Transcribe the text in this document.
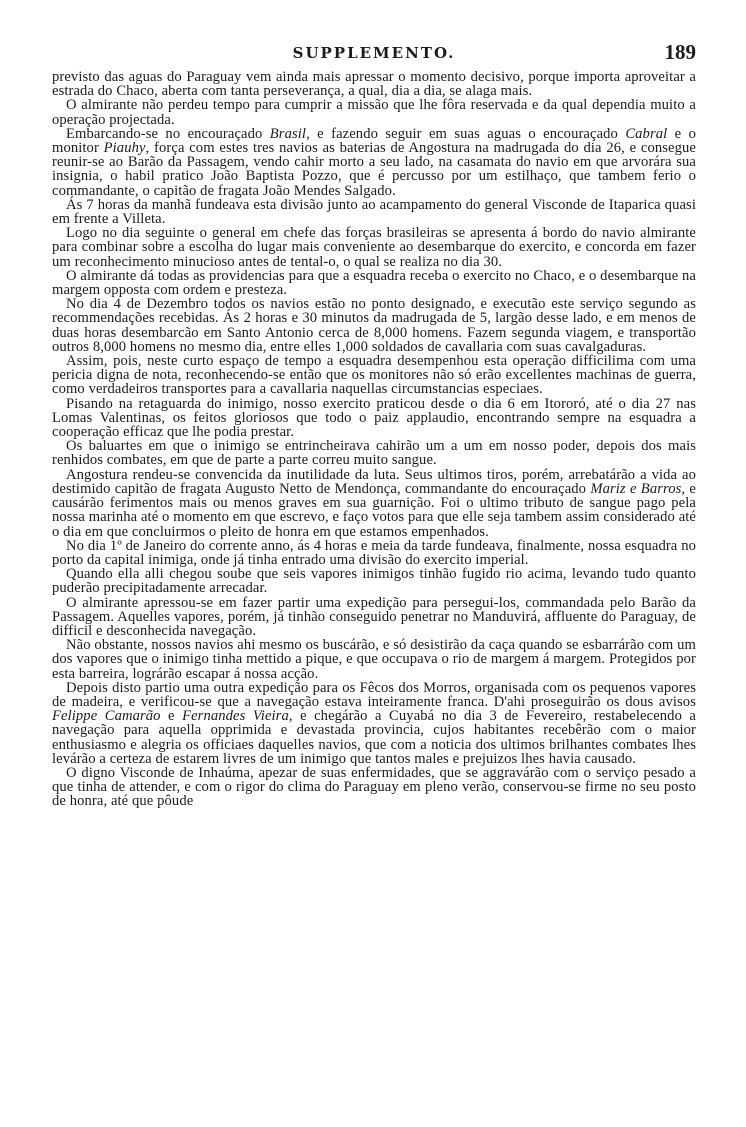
SUPPLEMENTO.	189

previsto das aguas do Paraguay vem ainda mais apressar o momento decisivo, porque importa aproveitar a estrada do Chaco, aberta com tanta perseverança, a qual, dia a dia, se alaga mais.

O almirante não perdeu tempo para cumprir a missão que lhe fôra reservada e da qual dependia muito a operação projectada.

Embarcando-se no encouraçado Brasil, e fazendo seguir em suas aguas o encouraçado Cabral e o monitor Piauhy, força com estes tres navios as baterias de Angostura na madrugada do dia 26, e consegue reunir-se ao Barão da Passagem, vendo cahir morto a seu lado, na casamata do navio em que arvorára sua insignia, o habil pratico João Baptista Pozzo, que é percusso por um estilhaço, que tambem ferio o commandante, o capitão de fragata João Mendes Salgado.

Ás 7 horas da manhã fundeava esta divisão junto ao acampamento do general Visconde de Itaparica quasi em frente a Villeta.

Logo no dia seguinte o general em chefe das forças brasileiras se apresenta á bordo do navio almirante para combinar sobre a escolha do lugar mais conveniente ao desembarque do exercito, e concorda em fazer um reconhecimento minucioso antes de tental-o, o qual se realiza no dia 30.

O almirante dá todas as providencias para que a esquadra receba o exercito no Chaco, e o desembarque na margem opposta com ordem e presteza.

No dia 4 de Dezembro todos os navios estão no ponto designado, e executão este serviço segundo as recommendações recebidas. Ás 2 horas e 30 minutos da madrugada de 5, largão desse lado, e em menos de duas horas desembarcão em Santo Antonio cerca de 8,000 homens. Fazem segunda viagem, e transportão outros 8,000 homens no mesmo dia, entre elles 1,000 soldados de cavallaria com suas cavalgaduras.

Assim, pois, neste curto espaço de tempo a esquadra desempenhou esta operação difficilima com uma pericia digna de nota, reconhecendo-se então que os monitores não só erão excellentes machinas de guerra, como verdadeiros transportes para a cavallaria naquellas circumstancias especiaes.

Pisando na retaguarda do inimigo, nosso exercito praticou desde o dia 6 em Itororó, até o dia 27 nas Lomas Valentinas, os feitos gloriosos que todo o paiz applaudio, encontrando sempre na esquadra a cooperação efficaz que lhe podia prestar.

Os baluartes em que o inimigo se entrincheirava cahirão um a um em nosso poder, depois dos mais renhidos combates, em que de parte a parte correu muito sangue.

Angostura rendeu-se convencida da inutilidade da luta. Seus ultimos tiros, porém, arrebatárão a vida ao destimido capitão de fragata Augusto Netto de Mendonça, commandante do encouraçado Mariz e Barros, e causárão ferimentos mais ou menos graves em sua guarnição. Foi o ultimo tributo de sangue pago pela nossa marinha até o momento em que escrevo, e faço votos para que elle seja tambem assim considerado até o dia em que concluirmos o pleito de honra em que estamos empenhados.

No dia 1º de Janeiro do corrente anno, ás 4 horas e meia da tarde fundeava, finalmente, nossa esquadra no porto da capital inimiga, onde já tinha entrado uma divisão do exercito imperial.

Quando ella alli chegou soube que seis vapores inimigos tinhão fugido rio acima, levando tudo quanto puderão precipitadamente arrecadar.

O almirante apressou-se em fazer partir uma expedição para persegui-los, commandada pelo Barão da Passagem. Aquelles vapores, porém, já tinhão conseguido penetrar no Manduvirá, affluente do Paraguay, de difficil e desconhecida navegação.

Não obstante, nossos navios ahi mesmo os buscárão, e só desistirão da caça quando se esbarrárão com um dos vapores que o inimigo tinha mettido a pique, e que occupava o rio de margem á margem. Protegidos por esta barreira, lográrão escapar á nossa acção.

Depois disto partio uma outra expedição para os Fêcos dos Morros, organisada com os pequenos vapores de madeira, e verificou-se que a navegação estava inteiramente franca. D'ahi proseguirão os dous avisos Felippe Camarão e Fernandes Vieira, e chegárão a Cuyabá no dia 3 de Fevereiro, restabelecendo a navegação para aquella opprimida e devastada provincia, cujos habitantes recebêrão com o maior enthusiasmo e alegria os officiaes daquelles navios, que com a noticia dos ultimos brilhantes combates lhes levárão a certeza de estarem livres de um inimigo que tantos males e prejuizos lhes havia causado.

O digno Visconde de Inhaúma, apezar de suas enfermidades, que se aggravárão com o serviço pesado a que tinha de attender, e com o rigor do clima do Paraguay em pleno verão, conservou-se firme no seu posto de honra, até que pôude
